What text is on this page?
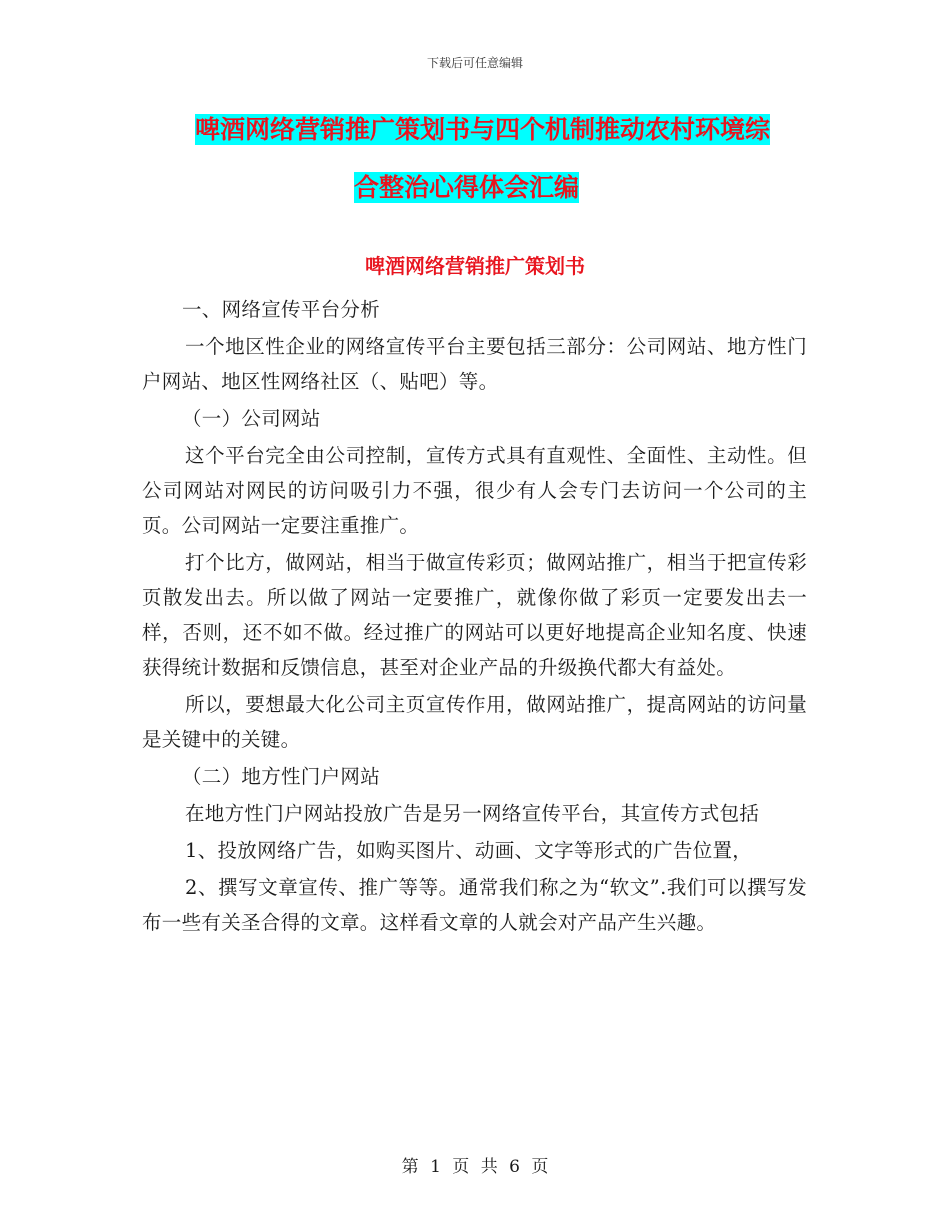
下载后可任意编辑
啤酒网络营销推广策划书与四个机制推动农村环境综
合整治心得体会汇编
啤酒网络营销推广策划书

一、网络宣传平台分析

一个地区性企业的网络宣传平台主要包括三部分：公司网站、地方性门户网站、地区性网络社区（、贴吧）等。

（一）公司网站

这个平台完全由公司控制，宣传方式具有直观性、全面性、主动性。但公司网站对网民的访问吸引力不强，很少有人会专门去访问一个公司的主页。公司网站一定要注重推广。

打个比方，做网站，相当于做宣传彩页；做网站推广，相当于把宣传彩页散发出去。所以做了网站一定要推广，就像你做了彩页一定要发出去一样，否则，还不如不做。经过推广的网站可以更好地提高企业知名度、快速获得统计数据和反馈信息，甚至对企业产品的升级换代都大有益处。

所以，要想最大化公司主页宣传作用，做网站推广，提高网站的访问量是关键中的关键。

（二）地方性门户网站

在地方性门户网站投放广告是另一网络宣传平台，其宣传方式包括

1、投放网络广告，如购买图片、动画、文字等形式的广告位置，

2、撰写文章宣传、推广等等。通常我们称之为“软文”.我们可以撰写发布一些有关圣合得的文章。这样看文章的人就会对产品产生兴趣。

第 1 页 共 6 页
